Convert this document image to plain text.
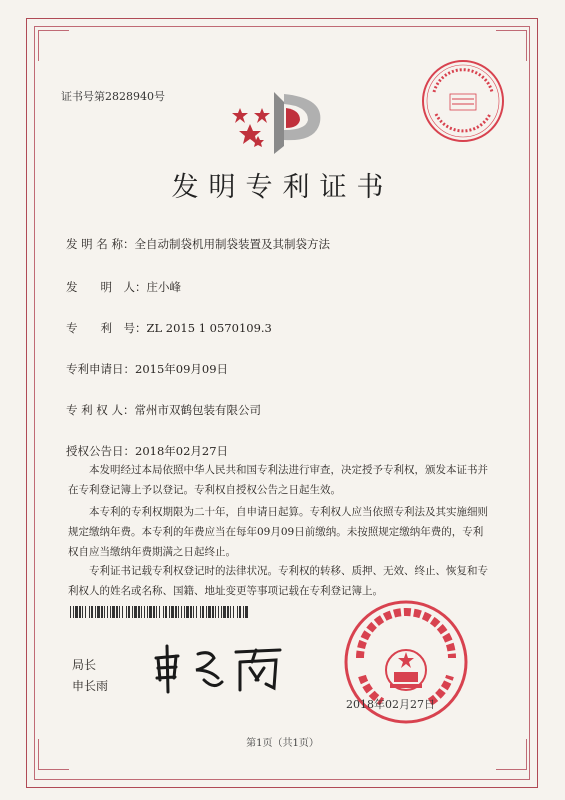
证书号第2828940号
发明专利证书
发 明 名 称：全自动制袋机用制袋装置及其制袋方法
发　　明　人：庄小峰
专　　利　号：ZL 2015 1 0570109.3
专利申请日：2015年09月09日
专 利 权 人：常州市双鹤包装有限公司
授权公告日：2018年02月27日
本发明经过本局依照中华人民共和国专利法进行审查，决定授予专利权，颁发本证书并在专利登记簿上予以登记。专利权自授权公告之日起生效。
本专利的专利权期限为二十年，自申请日起算。专利权人应当依照专利法及其实施细则规定缴纳年费。本专利的年费应当在每年09月09日前缴纳。未按照规定缴纳年费的，专利权自应当缴纳年费期满之日起终止。
专利证书记载专利权登记时的法律状况。专利权的转移、质押、无效、终止、恢复和专利权人的姓名或名称、国籍、地址变更等事项记载在专利登记簿上。
局长
申长雨
2018年02月27日
第1页（共1页）
